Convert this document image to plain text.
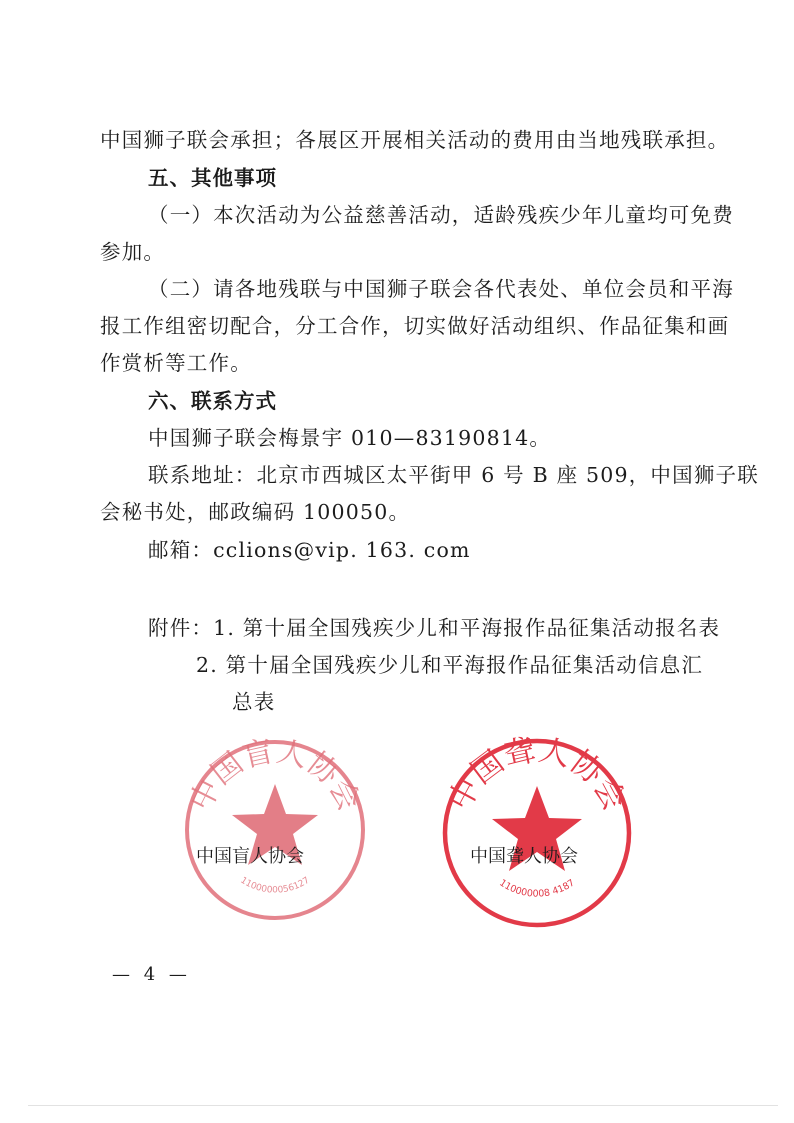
中国狮子联会承担；各展区开展相关活动的费用由当地残联承担。
五、其他事项
（一）本次活动为公益慈善活动，适龄残疾少年儿童均可免费
参加。
（二）请各地残联与中国狮子联会各代表处、单位会员和平海
报工作组密切配合，分工合作，切实做好活动组织、作品征集和画
作赏析等工作。
六、联系方式
中国狮子联会梅景宇 010—83190814。
联系地址：北京市西城区太平街甲 6 号 B 座 509，中国狮子联
会秘书处，邮政编码 100050。
邮箱：cclions@vip. 163. com
附件：1. 第十届全国残疾少儿和平海报作品征集活动报名表
2. 第十届全国残疾少儿和平海报作品征集活动信息汇
总表
中国盲人协会
1100000056127
中国盲人协会
中国聋人协会
110000008 4187
中国聋人协会
— 4 —
